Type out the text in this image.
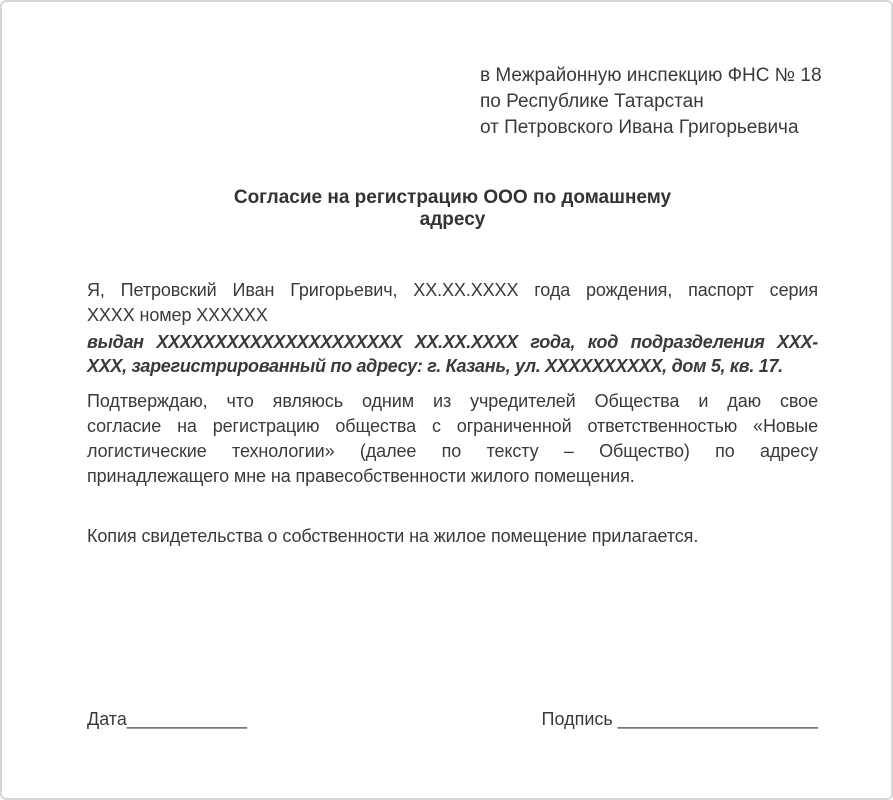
в Межрайонную инспекцию ФНС № 18
по Республике Татарстан
от Петровского Ивана Григорьевича
Согласие на регистрацию ООО по домашнему
адресу
Я, Петровский Иван Григорьевич, XX.XX.XXXX года рождения, паспорт серия
XXXX номер XXXXXX
выдан XXXXXXXXXXXXXXXXXXXXX XX.XX.XXXX года, код подразделения XXX-
XXX, зарегистрированный по адресу: г. Казань, ул. XXXXXXXXXX, дом 5, кв. 17.
Подтверждаю, что являюсь одним из учредителей Общества и даю свое
согласие на регистрацию общества с ограниченной ответственностью «Новые
логистические технологии» (далее по тексту – Общество) по адресу
принадлежащего мне на правесобственности жилого помещения.
Копия свидетельства о собственности на жилое помещение прилагается.
Дата____________	Подпись ____________________
